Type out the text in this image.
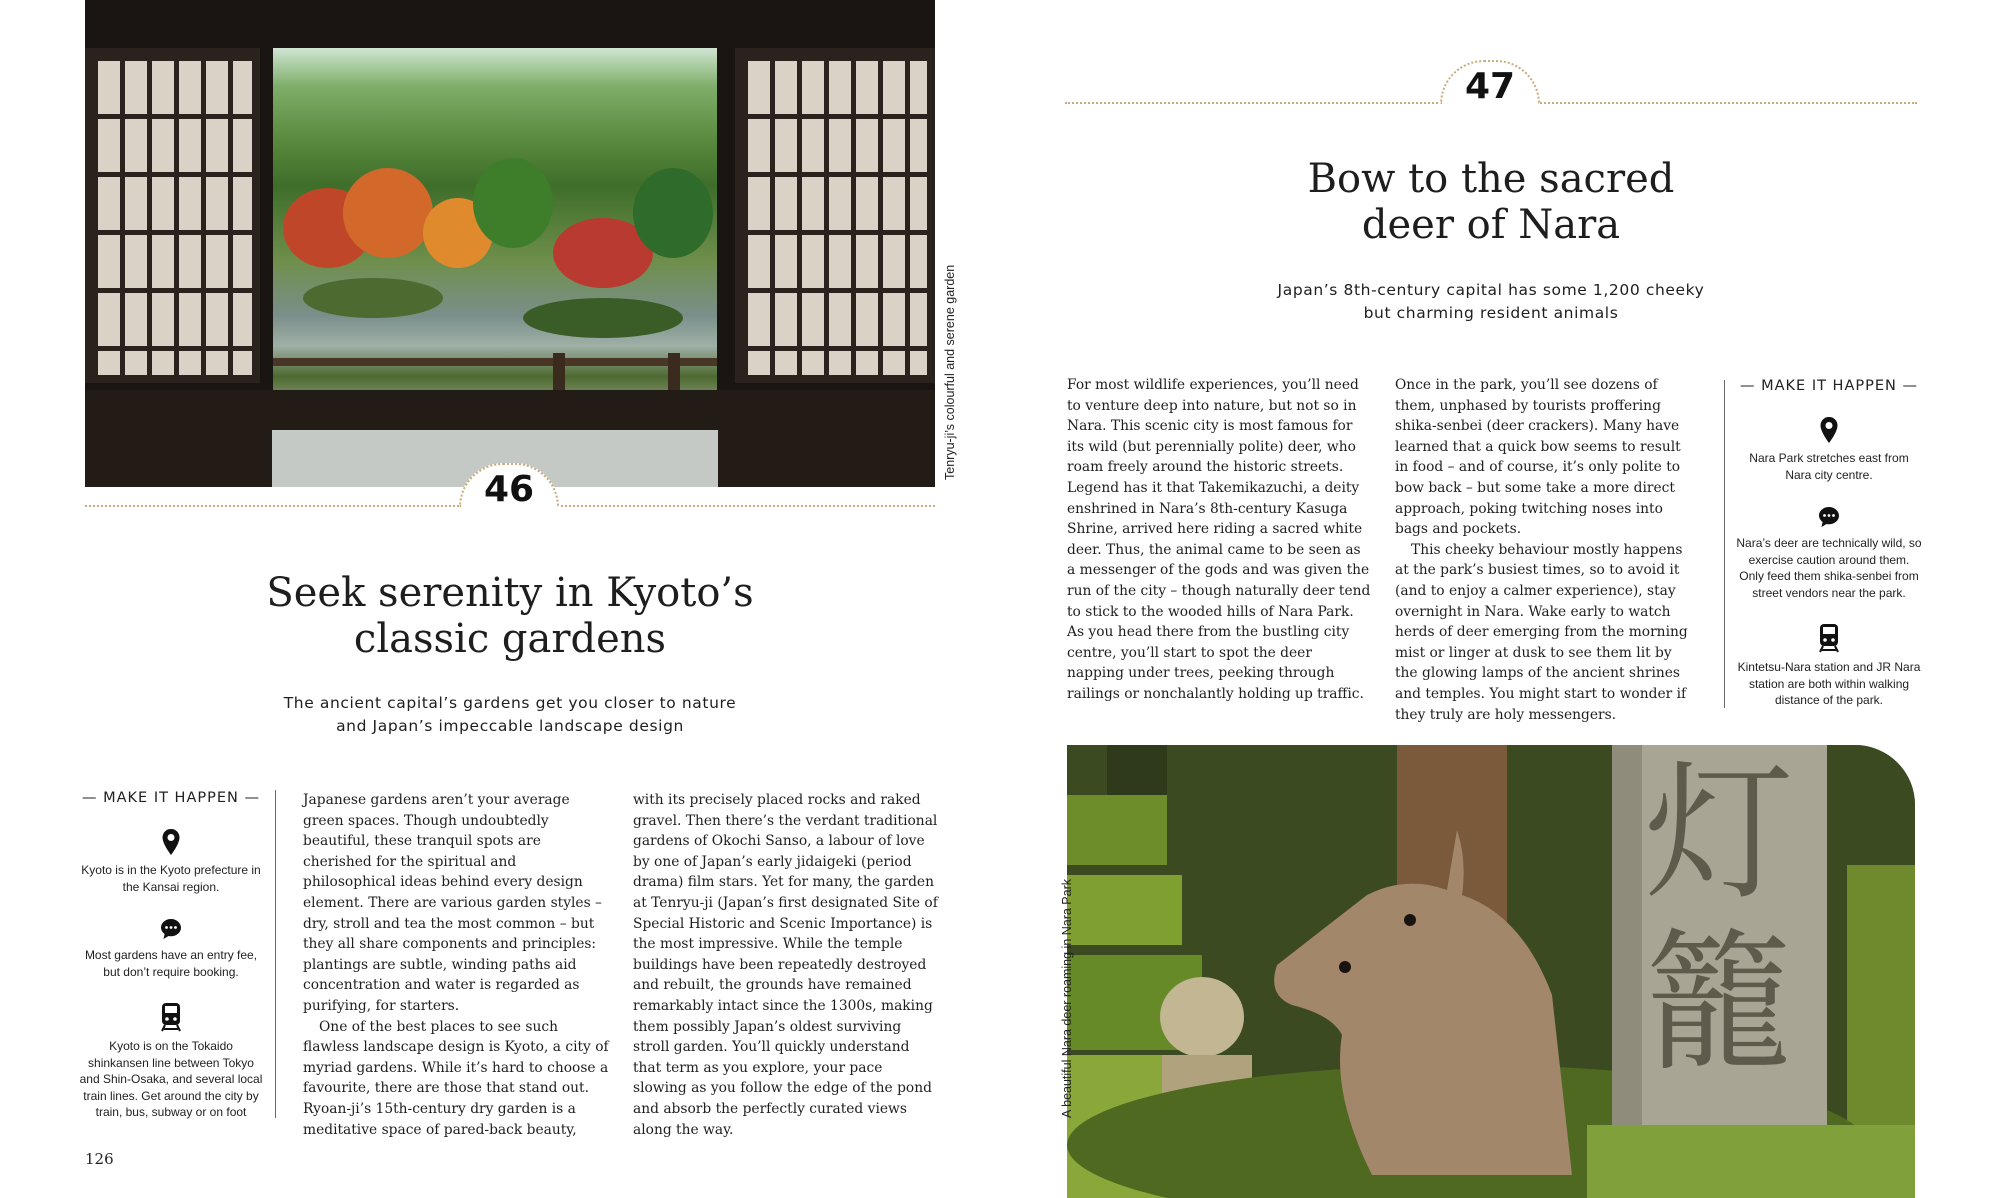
Tenryu-ji’s colourful and serene garden
46
Seek serenity in Kyoto’s
classic gardens
The ancient capital’s gardens get you closer to nature
and Japan’s impeccable landscape design
— MAKE IT HAPPEN —
Kyoto is in the Kyoto prefecture in the Kansai region.
Most gardens have an entry fee, but don’t require booking.
Kyoto is on the Tokaido shinkansen line between Tokyo and Shin-Osaka, and several local train lines. Get around the city by train, bus, subway or on foot

Japanese gardens aren’t your average green spaces. Though undoubtedly beautiful, these tranquil spots are cherished for the spiritual and philosophical ideas behind every design element. There are various garden styles – dry, stroll and tea the most common – but they all share components and principles: plantings are subtle, winding paths aid concentration and water is regarded as purifying, for starters.

One of the best places to see such flawless landscape design is Kyoto, a city of myriad gardens. While it’s hard to choose a favourite, there are those that stand out. Ryoan-ji’s 15th-century dry garden is a meditative space of pared-back beauty,

with its precisely placed rocks and raked gravel. Then there’s the verdant traditional gardens of Okochi Sanso, a labour of love by one of Japan’s early jidaigeki (period drama) film stars. Yet for many, the garden at Tenryu-ji (Japan’s first designated Site of Special Historic and Scenic Importance) is the most impressive. While the temple buildings have been repeatedly destroyed and rebuilt, the grounds have remained remarkably intact since the 1300s, making them possibly Japan’s oldest surviving stroll garden. You’ll quickly understand that term as you explore, your pace slowing as you follow the edge of the pond and absorb the perfectly curated views along the way.

126
47
Bow to the sacred
deer of Nara
Japan’s 8th-century capital has some 1,200 cheeky
but charming resident animals

For most wildlife experiences, you’ll need to venture deep into nature, but not so in Nara. This scenic city is most famous for its wild (but perennially polite) deer, who roam freely around the historic streets. Legend has it that Takemikazuchi, a deity enshrined in Nara’s 8th-century Kasuga Shrine, arrived here riding a sacred white deer. Thus, the animal came to be seen as a messenger of the gods and was given the run of the city – though naturally deer tend to stick to the wooded hills of Nara Park. As you head there from the bustling city centre, you’ll start to spot the deer napping under trees, peeking through railings or nonchalantly holding up traffic.

Once in the park, you’ll see dozens of them, unphased by tourists proffering shika-senbei (deer crackers). Many have learned that a quick bow seems to result in food – and of course, it’s only polite to bow back – but some take a more direct approach, poking twitching noses into bags and pockets.

This cheeky behaviour mostly happens at the park’s busiest times, so to avoid it (and to enjoy a calmer experience), stay overnight in Nara. Wake early to watch herds of deer emerging from the morning mist or linger at dusk to see them lit by the glowing lamps of the ancient shrines and temples. You might start to wonder if they truly are holy messengers.

— MAKE IT HAPPEN —
Nara Park stretches east from Nara city centre.
Nara’s deer are technically wild, so exercise caution around them. Only feed them shika-senbei from street vendors near the park.
Kintetsu-Nara station and JR Nara station are both within walking distance of the park.
灯籠
A beautiful Nara deer roaming in Nara Park
